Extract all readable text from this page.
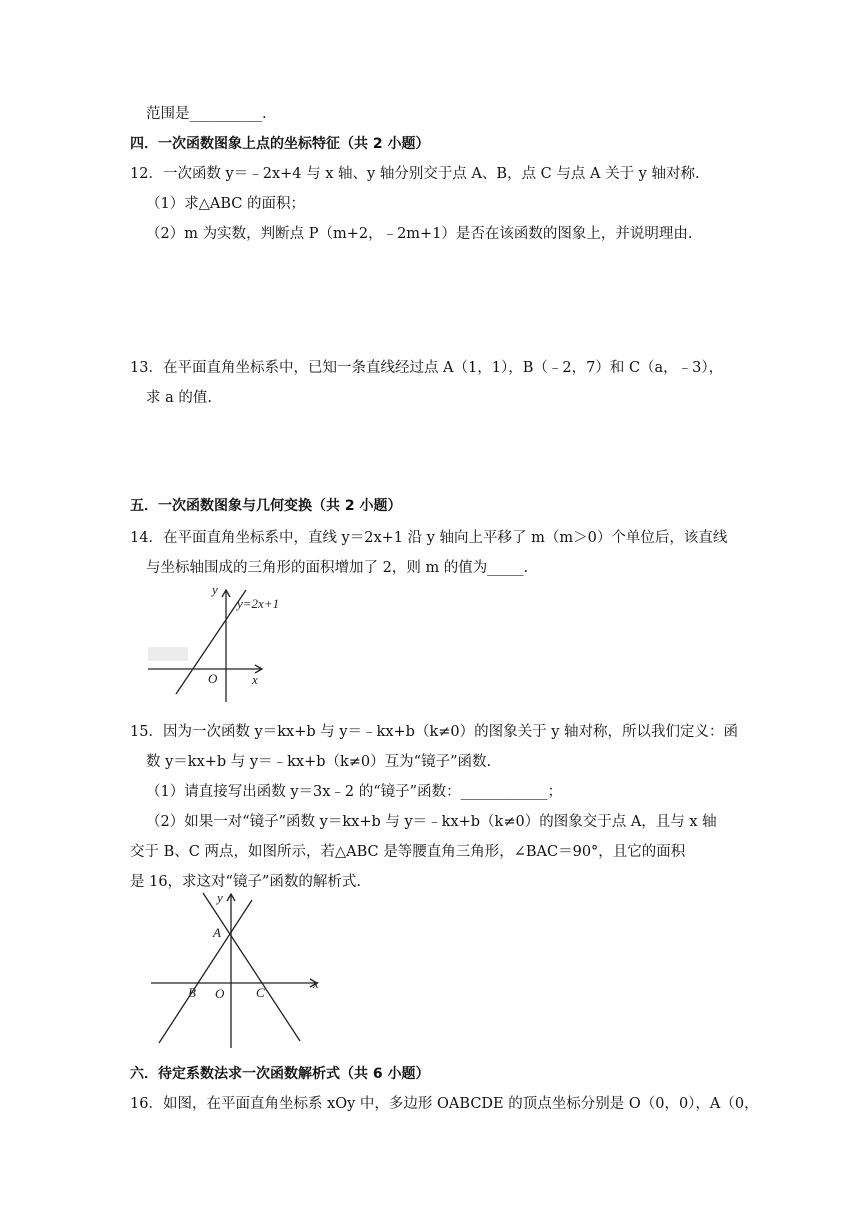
范围是__________.
四．一次函数图象上点的坐标特征（共 2 小题）
12．一次函数 y＝﹣2x+4 与 x 轴、y 轴分别交于点 A、B，点 C 与点 A 关于 y 轴对称.
（1）求△ABC 的面积；
（2）m 为实数，判断点 P（m+2，﹣2m+1）是否在该函数的图象上，并说明理由.
13．在平面直角坐标系中，已知一条直线经过点 A（1，1），B（﹣2，7）和 C（a，﹣3），
求 a 的值.
五．一次函数图象与几何变换（共 2 小题）
14．在平面直角坐标系中，直线 y＝2x+1 沿 y 轴向上平移了 m（m＞0）个单位后，该直线
与坐标轴围成的三角形的面积增加了 2，则 m 的值为_____.
y
y=2x+1
O	x
15．因为一次函数 y＝kx+b 与 y＝﹣kx+b（k≠0）的图象关于 y 轴对称，所以我们定义：函
数 y＝kx+b 与 y＝﹣kx+b（k≠0）互为“镜子”函数.
（1）请直接写出函数 y＝3x﹣2 的“镜子”函数：____________；
（2）如果一对“镜子”函数 y＝kx+b 与 y＝﹣kx+b（k≠0）的图象交于点 A，且与 x 轴
交于 B、C 两点，如图所示，若△ABC 是等腰直角三角形，∠BAC＝90°，且它的面积
是 16，求这对“镜子”函数的解析式.
y
A
B O C
x
六．待定系数法求一次函数解析式（共 6 小题）
16．如图，在平面直角坐标系 xOy 中，多边形 OABCDE 的顶点坐标分别是 O（0，0），A（0，
